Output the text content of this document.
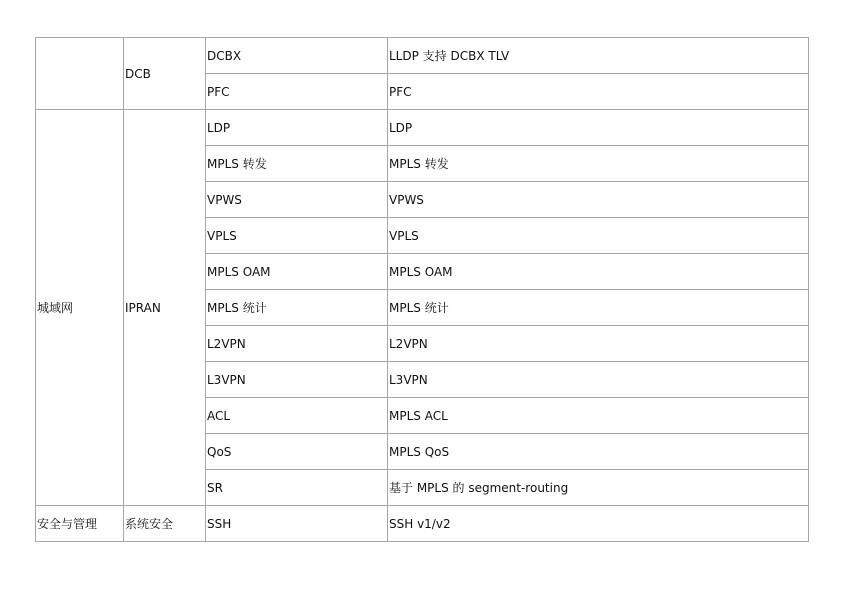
	DCB	DCBX	LLDP 支持 DCBX TLV
		PFC	PFC
城域网	IPRAN	LDP	LDP
		MPLS 转发	MPLS 转发
		VPWS	VPWS
		VPLS	VPLS
		MPLS OAM	MPLS OAM
		MPLS 统计	MPLS 统计
		L2VPN	L2VPN
		L3VPN	L3VPN
		ACL	MPLS ACL
		QoS	MPLS QoS
		SR	基于 MPLS 的 segment-routing
安全与管理	系统安全	SSH	SSH v1/v2
